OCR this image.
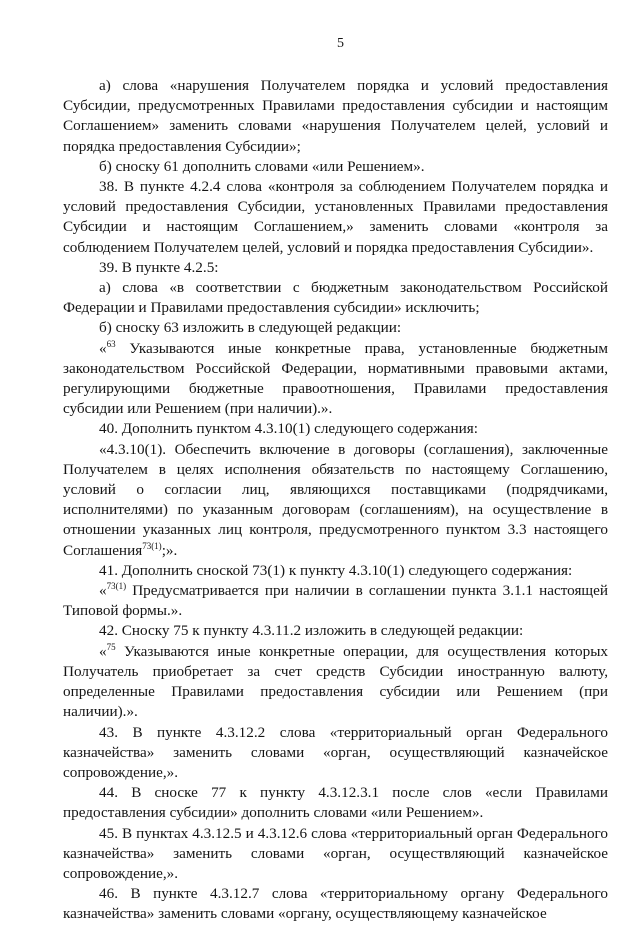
5

а) слова «нарушения Получателем порядка и условий предоставления Субсидии, предусмотренных Правилами предоставления субсидии и настоящим Соглашением» заменить словами «нарушения Получателем целей, условий и порядка предоставления Субсидии»;

б) сноску 61 дополнить словами «или Решением».

38. В пункте 4.2.4 слова «контроля за соблюдением Получателем порядка и условий предоставления Субсидии, установленных Правилами предоставления Субсидии и настоящим Соглашением,» заменить словами «контроля за соблюдением Получателем целей, условий и порядка предоставления Субсидии».

39. В пункте 4.2.5:

а) слова «в соответствии с бюджетным законодательством Российской Федерации и Правилами предоставления субсидии» исключить;

б) сноску 63 изложить в следующей редакции:

«$^{63}$ Указываются иные конкретные права, установленные бюджетным законодательством Российской Федерации, нормативными правовыми актами, регулирующими бюджетные правоотношения, Правилами предоставления субсидии или Решением (при наличии).».

40. Дополнить пунктом 4.3.10(1) следующего содержания:

«4.3.10(1). Обеспечить включение в договоры (соглашения), заключенные Получателем в целях исполнения обязательств по настоящему Соглашению, условий о согласии лиц, являющихся поставщиками (подрядчиками, исполнителями) по указанным договорам (соглашениям), на осуществление в отношении указанных лиц контроля, предусмотренного пунктом 3.3 настоящего Соглашения$^{73(1)}$;».

41. Дополнить сноской 73(1) к пункту 4.3.10(1) следующего содержания:

«$^{73(1)}$ Предусматривается при наличии в соглашении пункта 3.1.1 настоящей Типовой формы.».

42. Сноску 75 к пункту 4.3.11.2 изложить в следующей редакции:

«$^{75}$ Указываются иные конкретные операции, для осуществления которых Получатель приобретает за счет средств Субсидии иностранную валюту, определенные Правилами предоставления субсидии или Решением (при наличии).».

43. В пункте 4.3.12.2 слова «территориальный орган Федерального казначейства» заменить словами «орган, осуществляющий казначейское сопровождение,».

44. В сноске 77 к пункту 4.3.12.3.1 после слов «если Правилами предоставления субсидии» дополнить словами «или Решением».

45. В пунктах 4.3.12.5 и 4.3.12.6 слова «территориальный орган Федерального казначейства» заменить словами «орган, осуществляющий казначейское сопровождение,».

46. В пункте 4.3.12.7 слова «территориальному органу Федерального казначейства» заменить словами «органу, осуществляющему казначейское
